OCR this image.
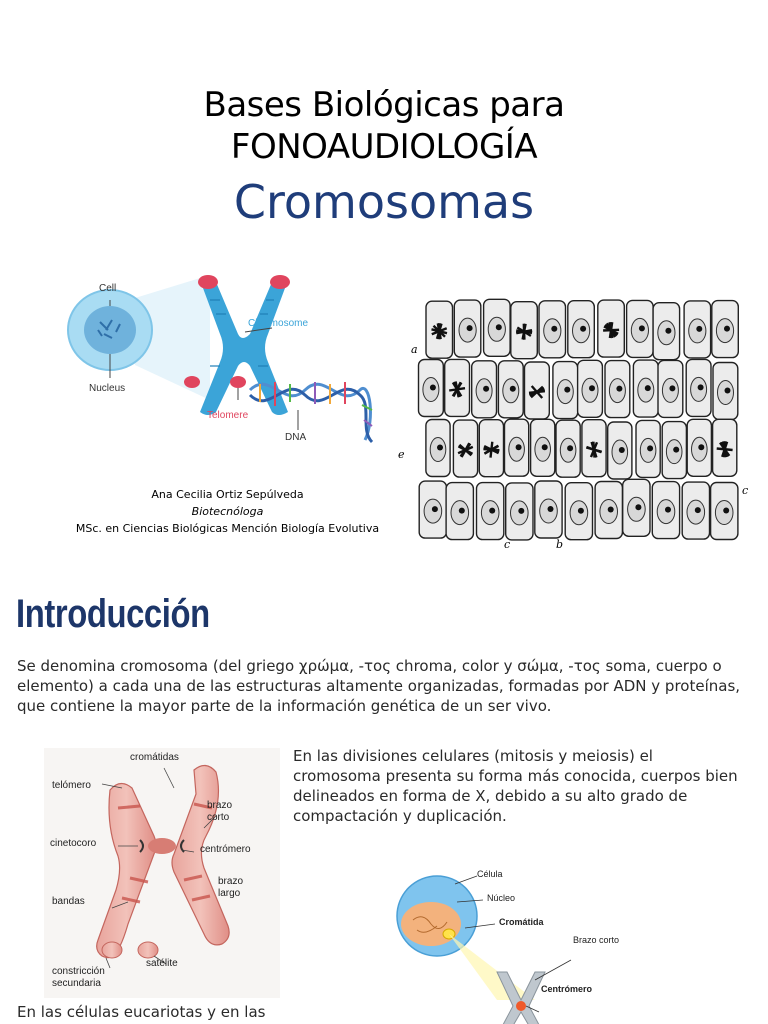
Bases Biológicas para
FONOAUDIOLOGÍA
Cromosomas
Cell
Nucleus
Chromosome
Telomere
DNA
a
e
c
b
c
Ana Cecilia Ortiz Sepúlveda
Biotecnóloga
MSc. en Ciencias Biológicas Mención Biología Evolutiva
Introducción
Se denomina cromosoma (del griego χρώμα, -τος chroma, color y σώμα, -τος soma, cuerpo o elemento) a cada una de las estructuras altamente organizadas, formadas por ADN y proteínas, que contiene la mayor parte de la información genética de un ser vivo.
cromátidas
telómero
brazo
corto
cinetocoro
centrómero
brazo
largo
bandas
satélite
constricción
secundaria
En las divisiones celulares (mitosis y meiosis) el cromosoma presenta su forma más conocida, cuerpos bien delineados en forma de X, debido a su alto grado de compactación y duplicación.
Célula
Núcleo
Cromátida
Brazo corto
Centrómero
En las células eucariotas y en las
